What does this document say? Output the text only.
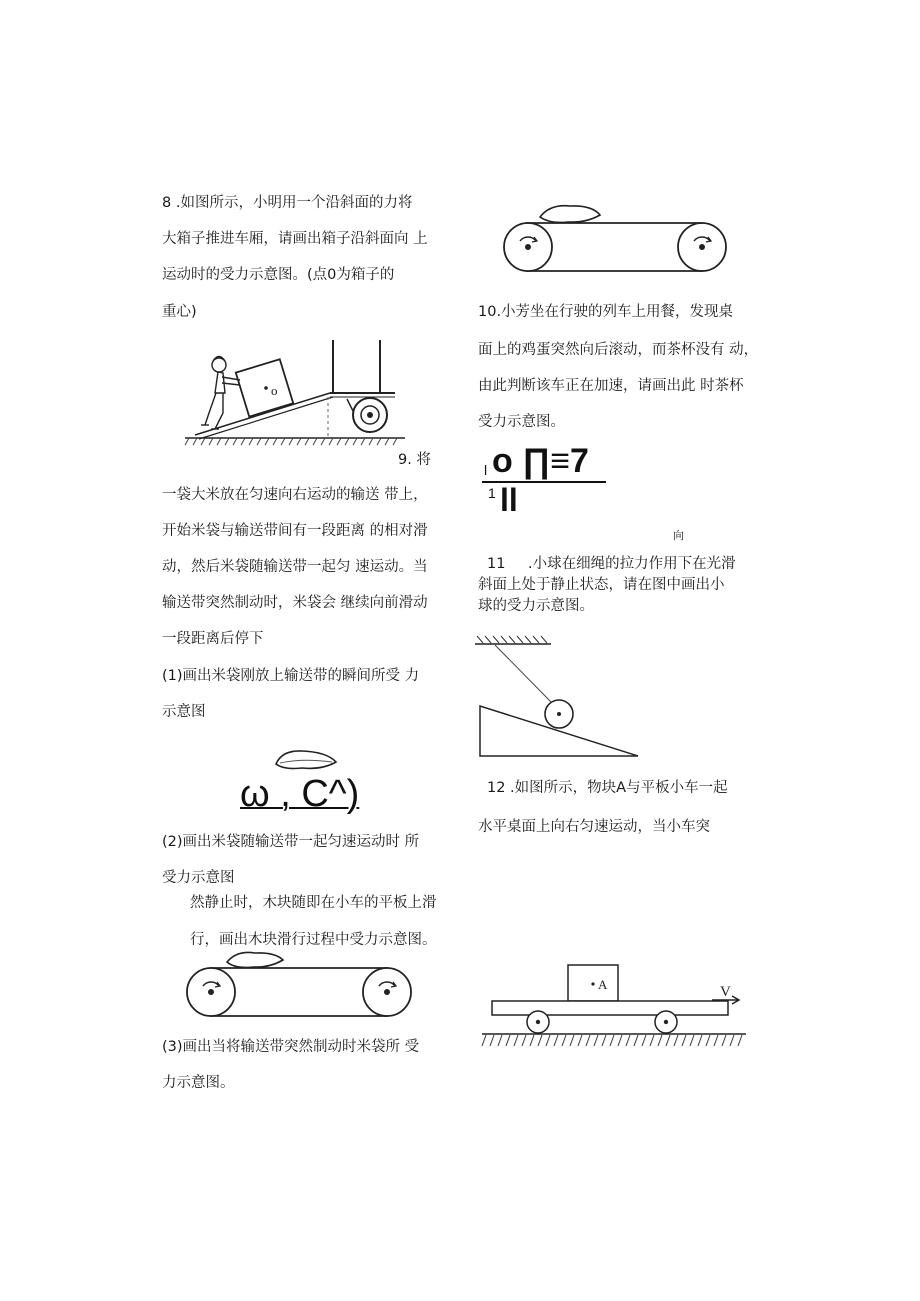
8 .如图所示，小明用一个沿斜面的力将
大箱子推进车厢，请画出箱子沿斜面向 上
运动时的受力示意图。(点0为箱子的
重心)
o
9. 将
一袋大米放在匀速向右运动的输送 带上，
开始米袋与输送带间有一段距离 的相对滑
动，然后米袋随输送带一起匀 速运动。当
输送带突然制动时，米袋会 继续向前滑动
一段距离后停下
(1)画出米袋刚放上输送带的瞬间所受 力
示意图
ω , C^)
(2)画出米袋随输送带一起匀速运动时 所
受力示意图
然静止时，木块随即在小车的平板上滑
行，画出木块滑行过程中受力示意图。
(3)画出当将输送带突然制动时米袋所 受
力示意图。
10.小芳坐在行驶的列车上用餐，发现桌
面上的鸡蛋突然向后滚动，而茶杯没有 动，
由此判断该车正在加速，请画出此 时茶杯
受力示意图。
l o ∏≡7
1 ll
向
11 .小球在细绳的拉力作用下在光滑
斜面上处于静止状态，请在图中画出小
球的受力示意图。
12 .如图所示，物块A与平板小车一起
水平桌面上向右匀速运动，当小车突
A	V
